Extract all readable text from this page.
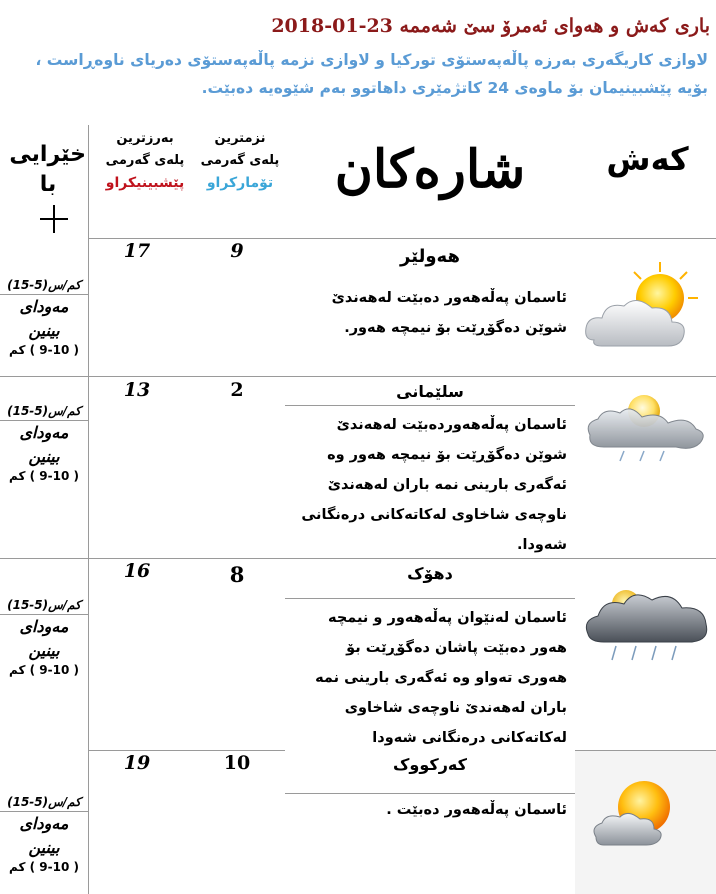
باری کەش و هەوای ئەمرۆ سێ شەممە 23-01-2018
لاوازی کاریگەری بەرزە پاڵەپەستۆی تورکیا و لاوازی نزمە پاڵەپەستۆی دەریای ناوەڕاست ، بۆیە پێشبینیمان بۆ ماوەی 24 کاتژمێری داهاتوو بەم شێوەیە دەبێت.
کەش
شارەکان
نزمترین
پلەی گەرمی
تۆمارکراو
بەرزترین
پلەی گەرمی
پێشبینیکراو
خێرایی
با
17	9	هەولێر
ئاسمان پەڵەهەور دەبێت لەهەندێ شوێن دەگۆڕێت بۆ نیمچە هەور.
(15-5)کم/س
مەودای
بینین
( 9-10 ) کم
13	2	سلێمانی
ئاسمان پەڵەهەوردەبێت لەهەندێ شوێن دەگۆڕێت بۆ نیمچە هەور وە ئەگەری بارینی نمە باران لەهەندێ ناوچەی شاخاوی لەکاتەکانی درەنگانی شەودا.
(15-5)کم/س
مەودای
بینین
( 9-10 ) کم
16	8	دهۆک
ئاسمان لەنێوان پەڵەهەور و نیمچە هەور دەبێت پاشان دەگۆڕێت بۆ هەوری تەواو وە ئەگەری بارینی نمە باران لەهەندێ ناوچەی شاخاوی لەکاتەکانی درەنگانی شەودا
(15-5)کم/س
مەودای
بینین
( 9-10 ) کم
19	10	کەرکووک
ئاسمان پەڵەهەور دەبێت .
(15-5)کم/س
مەودای
بینین
( 9-10 ) کم
